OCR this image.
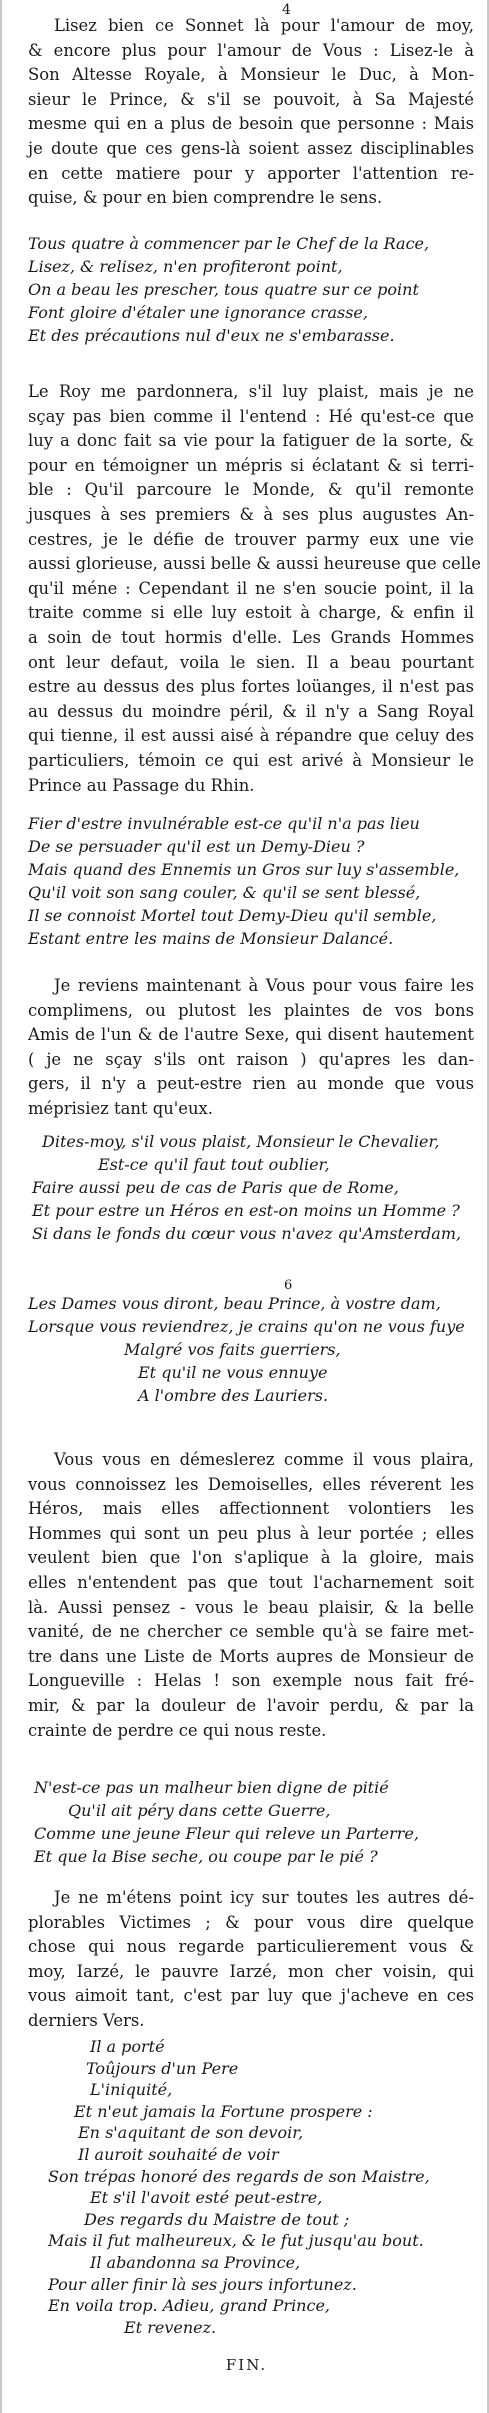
4
Lisez bien ce Sonnet là pour l'amour de moy,
& encore plus pour l'amour de Vous : Lisez-le à
Son Altesse Royale, à Monsieur le Duc, à Mon-
sieur le Prince, & s'il se pouvoit, à Sa Majesté
mesme qui en a plus de besoin que personne : Mais
je doute que ces gens-là soient assez disciplinables
en cette matiere pour y apporter l'attention re-
quise, & pour en bien comprendre le sens.
Tous quatre à commencer par le Chef de la Race,
Lisez, & relisez, n'en profiteront point,
On a beau les prescher, tous quatre sur ce point
Font gloire d'étaler une ignorance crasse,
Et des précautions nul d'eux ne s'embarasse.
Le Roy me pardonnera, s'il luy plaist, mais je ne
sçay pas bien comme il l'entend : Hé qu'est-ce que
luy a donc fait sa vie pour la fatiguer de la sorte, &
pour en témoigner un mépris si éclatant & si terri-
ble : Qu'il parcoure le Monde, & qu'il remonte
jusques à ses premiers & à ses plus augustes An-
cestres, je le défie de trouver parmy eux une vie
aussi glorieuse, aussi belle & aussi heureuse que celle
qu'il méne : Cependant il ne s'en soucie point, il la
traite comme si elle luy estoit à charge, & enfin il
a soin de tout hormis d'elle. Les Grands Hommes
ont leur defaut, voila le sien. Il a beau pourtant
estre au dessus des plus fortes loüanges, il n'est pas
au dessus du moindre péril, & il n'y a Sang Royal
qui tienne, il est aussi aisé à répandre que celuy des
particuliers, témoin ce qui est arivé à Monsieur le
Prince au Passage du Rhin.
Fier d'estre invulnérable est-ce qu'il n'a pas lieu
De se persuader qu'il est un Demy-Dieu ?
Mais quand des Ennemis un Gros sur luy s'assemble,
Qu'il voit son sang couler, & qu'il se sent blessé,
Il se connoist Mortel tout Demy-Dieu qu'il semble,
Estant entre les mains de Monsieur Dalancé.
Je reviens maintenant à Vous pour vous faire les
complimens, ou plutost les plaintes de vos bons
Amis de l'un & de l'autre Sexe, qui disent hautement
( je ne sçay s'ils ont raison ) qu'apres les dan-
gers, il n'y a peut-estre rien au monde que vous
méprisiez tant qu'eux.
Dites-moy, s'il vous plaist, Monsieur le Chevalier,
Est-ce qu'il faut tout oublier,
Faire aussi peu de cas de Paris que de Rome,
Et pour estre un Héros en est-on moins un Homme ?
Si dans le fonds du cœur vous n'avez qu'Amsterdam,
6
Les Dames vous diront, beau Prince, à vostre dam,
Lorsque vous reviendrez, je crains qu'on ne vous fuye
Malgré vos faits guerriers,
Et qu'il ne vous ennuye
A l'ombre des Lauriers.
Vous vous en démeslerez comme il vous plaira,
vous connoissez les Demoiselles, elles réverent les
Héros, mais elles affectionnent volontiers les
Hommes qui sont un peu plus à leur portée ; elles
veulent bien que l'on s'aplique à la gloire, mais
elles n'entendent pas que tout l'acharnement soit
là. Aussi pensez - vous le beau plaisir, & la belle
vanité, de ne chercher ce semble qu'à se faire met-
tre dans une Liste de Morts aupres de Monsieur de
Longueville : Helas ! son exemple nous fait fré-
mir, & par la douleur de l'avoir perdu, & par la
crainte de perdre ce qui nous reste.
N'est-ce pas un malheur bien digne de pitié
Qu'il ait péry dans cette Guerre,
Comme une jeune Fleur qui releve un Parterre,
Et que la Bise seche, ou coupe par le pié ?
Je ne m'étens point icy sur toutes les autres dé-
plorables Victimes ; & pour vous dire quelque
chose qui nous regarde particulierement vous &
moy, Iarzé, le pauvre Iarzé, mon cher voisin, qui
vous aimoit tant, c'est par luy que j'acheve en ces
derniers Vers.
Il a porté
Toûjours d'un Pere
L'iniquité,
Et n'eut jamais la Fortune prospere :
En s'aquitant de son devoir,
Il auroit souhaité de voir
Son trépas honoré des regards de son Maistre,
Et s'il l'avoit esté peut-estre,
Des regards du Maistre de tout ;
Mais il fut malheureux, & le fut jusqu'au bout.
Il abandonna sa Province,
Pour aller finir là ses jours infortunez.
En voila trop. Adieu, grand Prince,
Et revenez.
FIN.
